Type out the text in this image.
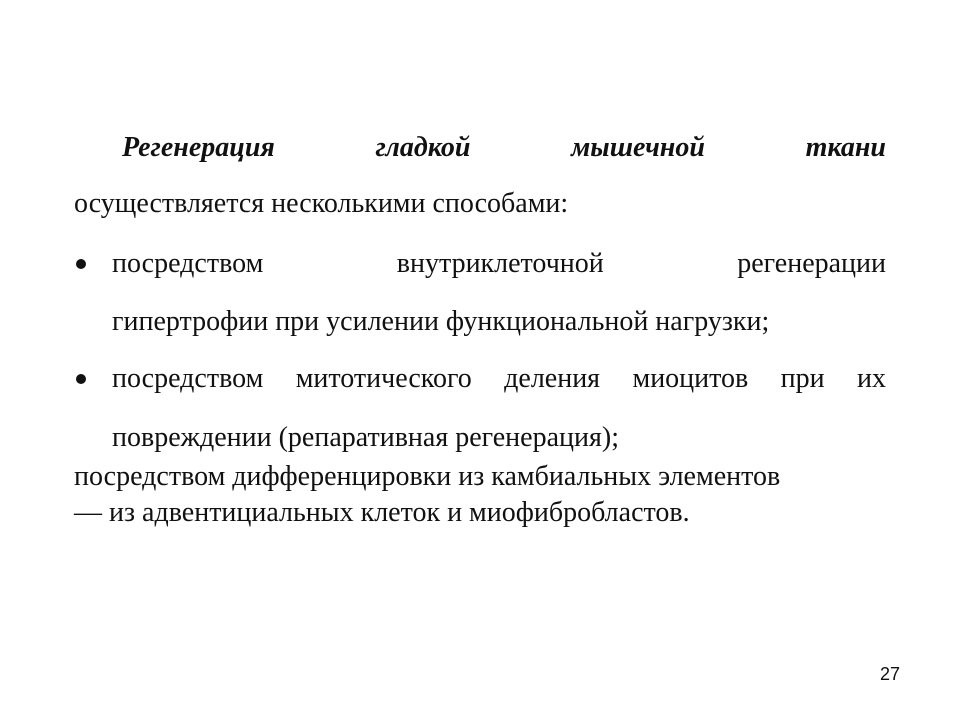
Регенерация	гладкой	мышечной	ткани
осуществляется несколькими способами:
посредством	внутриклеточной	регенерации
гипертрофии при усилении функциональной нагрузки;
посредством митотического деления миоцитов при их
повреждении (репаративная регенерация);
посредством дифференцировки из камбиальных элементов
— из адвентициальных клеток и миофибробластов.
27
